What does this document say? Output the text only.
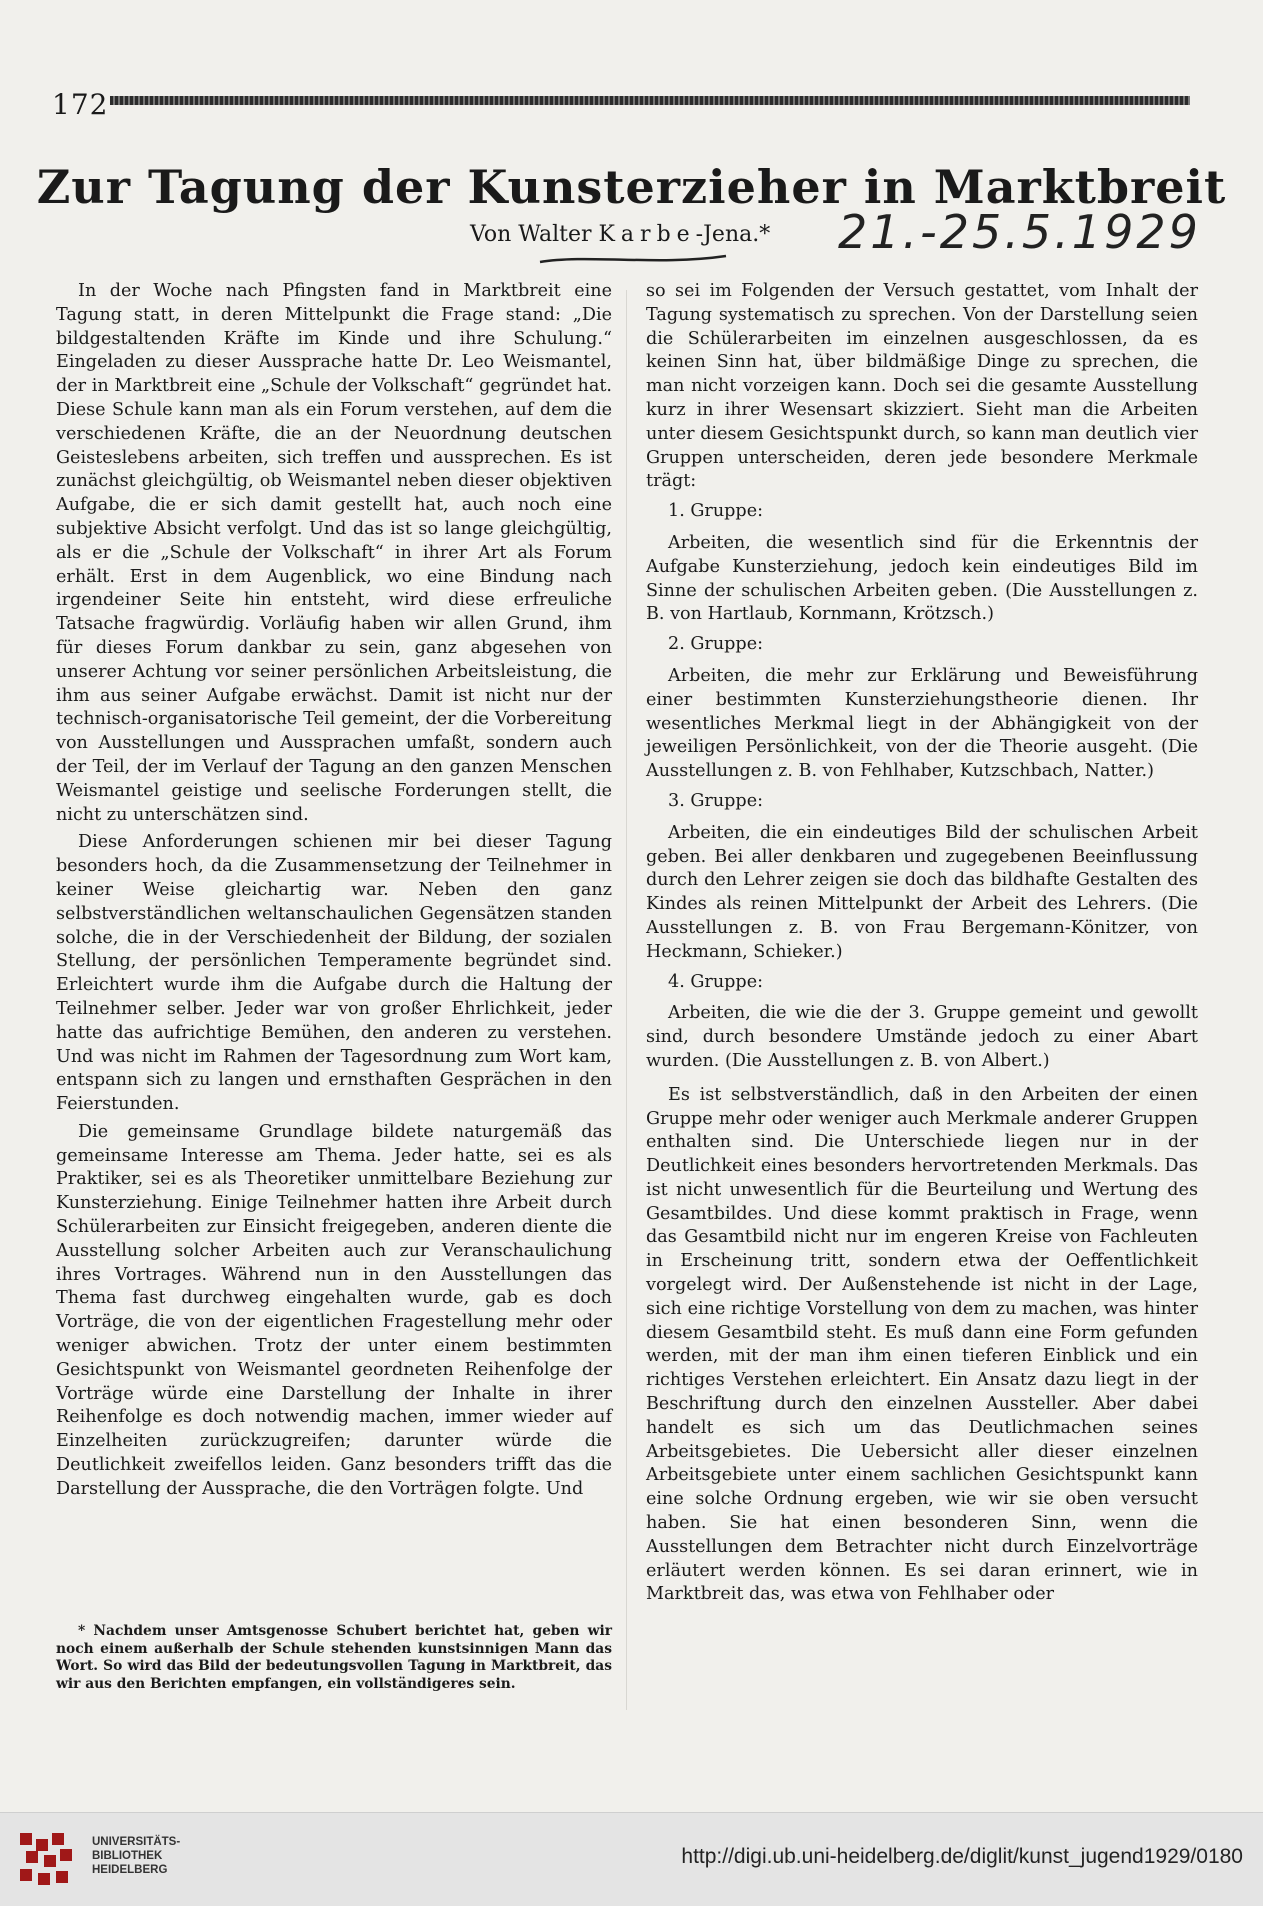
172
Zur Tagung der Kunsterzieher in Marktbreit
Von Walter Karbe-Jena.* 21.-25.5.1929

In der Woche nach Pfingsten fand in Marktbreit eine Tagung statt, in deren Mittelpunkt die Frage stand: „Die bildgestaltenden Kräfte im Kinde und ihre Schulung.“ Eingeladen zu dieser Aussprache hatte Dr. Leo Weismantel, der in Marktbreit eine „Schule der Volkschaft“ gegründet hat. Diese Schule kann man als ein Forum verstehen, auf dem die verschiedenen Kräfte, die an der Neuordnung deutschen Geisteslebens arbeiten, sich treffen und aussprechen. Es ist zunächst gleichgültig, ob Weismantel neben dieser objektiven Aufgabe, die er sich damit gestellt hat, auch noch eine subjektive Absicht verfolgt. Und das ist so lange gleichgültig, als er die „Schule der Volkschaft“ in ihrer Art als Forum erhält. Erst in dem Augenblick, wo eine Bindung nach irgendeiner Seite hin entsteht, wird diese erfreuliche Tatsache fragwürdig. Vorläufig haben wir allen Grund, ihm für dieses Forum dankbar zu sein, ganz abgesehen von unserer Achtung vor seiner persönlichen Arbeitsleistung, die ihm aus seiner Aufgabe erwächst. Damit ist nicht nur der technisch-organisatorische Teil gemeint, der die Vorbereitung von Ausstellungen und Aussprachen umfaßt, sondern auch der Teil, der im Verlauf der Tagung an den ganzen Menschen Weismantel geistige und seelische Forderungen stellt, die nicht zu unterschätzen sind.

Diese Anforderungen schienen mir bei dieser Tagung besonders hoch, da die Zusammensetzung der Teilnehmer in keiner Weise gleichartig war. Neben den ganz selbstverständlichen weltanschaulichen Gegensätzen standen solche, die in der Verschiedenheit der Bildung, der sozialen Stellung, der persönlichen Temperamente begründet sind. Erleichtert wurde ihm die Aufgabe durch die Haltung der Teilnehmer selber. Jeder war von großer Ehrlichkeit, jeder hatte das aufrichtige Bemühen, den anderen zu verstehen. Und was nicht im Rahmen der Tagesordnung zum Wort kam, entspann sich zu langen und ernsthaften Gesprächen in den Feierstunden.

Die gemeinsame Grundlage bildete naturgemäß das gemeinsame Interesse am Thema. Jeder hatte, sei es als Praktiker, sei es als Theoretiker unmittelbare Beziehung zur Kunsterziehung. Einige Teilnehmer hatten ihre Arbeit durch Schülerarbeiten zur Einsicht freigegeben, anderen diente die Ausstellung solcher Arbeiten auch zur Veranschaulichung ihres Vortrages. Während nun in den Ausstellungen das Thema fast durchweg eingehalten wurde, gab es doch Vorträge, die von der eigentlichen Fragestellung mehr oder weniger abwichen. Trotz der unter einem bestimmten Gesichtspunkt von Weismantel geordneten Reihenfolge der Vorträge würde eine Darstellung der Inhalte in ihrer Reihenfolge es doch notwendig machen, immer wieder auf Einzelheiten zurückzugreifen; darunter würde die Deutlichkeit zweifellos leiden. Ganz besonders trifft das die Darstellung der Aussprache, die den Vorträgen folgte. Und

* Nachdem unser Amtsgenosse Schubert berichtet hat, geben wir noch einem außerhalb der Schule stehenden kunstsinnigen Mann das Wort. So wird das Bild der bedeutungsvollen Tagung in Marktbreit, das wir aus den Berichten empfangen, ein vollständigeres sein.

so sei im Folgenden der Versuch gestattet, vom Inhalt der Tagung systematisch zu sprechen. Von der Darstellung seien die Schülerarbeiten im einzelnen ausgeschlossen, da es keinen Sinn hat, über bildmäßige Dinge zu sprechen, die man nicht vorzeigen kann. Doch sei die gesamte Ausstellung kurz in ihrer Wesensart skizziert. Sieht man die Arbeiten unter diesem Gesichtspunkt durch, so kann man deutlich vier Gruppen unterscheiden, deren jede besondere Merkmale trägt:

1. Gruppe:

Arbeiten, die wesentlich sind für die Erkenntnis der Aufgabe Kunsterziehung, jedoch kein eindeutiges Bild im Sinne der schulischen Arbeiten geben. (Die Ausstellungen z. B. von Hartlaub, Kornmann, Krötzsch.)

2. Gruppe:

Arbeiten, die mehr zur Erklärung und Beweisführung einer bestimmten Kunsterziehungstheorie dienen. Ihr wesentliches Merkmal liegt in der Abhängigkeit von der jeweiligen Persönlichkeit, von der die Theorie ausgeht. (Die Ausstellungen z. B. von Fehlhaber, Kutzschbach, Natter.)

3. Gruppe:

Arbeiten, die ein eindeutiges Bild der schulischen Arbeit geben. Bei aller denkbaren und zugegebenen Beeinflussung durch den Lehrer zeigen sie doch das bildhafte Gestalten des Kindes als reinen Mittelpunkt der Arbeit des Lehrers. (Die Ausstellungen z. B. von Frau Bergemann-Könitzer, von Heckmann, Schieker.)

4. Gruppe:

Arbeiten, die wie die der 3. Gruppe gemeint und gewollt sind, durch besondere Umstände jedoch zu einer Abart wurden. (Die Ausstellungen z. B. von Albert.)

Es ist selbstverständlich, daß in den Arbeiten der einen Gruppe mehr oder weniger auch Merkmale anderer Gruppen enthalten sind. Die Unterschiede liegen nur in der Deutlichkeit eines besonders hervortretenden Merkmals. Das ist nicht unwesentlich für die Beurteilung und Wertung des Gesamtbildes. Und diese kommt praktisch in Frage, wenn das Gesamtbild nicht nur im engeren Kreise von Fachleuten in Erscheinung tritt, sondern etwa der Oeffentlichkeit vorgelegt wird. Der Außenstehende ist nicht in der Lage, sich eine richtige Vorstellung von dem zu machen, was hinter diesem Gesamtbild steht. Es muß dann eine Form gefunden werden, mit der man ihm einen tieferen Einblick und ein richtiges Verstehen erleichtert. Ein Ansatz dazu liegt in der Beschriftung durch den einzelnen Aussteller. Aber dabei handelt es sich um das Deutlichmachen seines Arbeitsgebietes. Die Uebersicht aller dieser einzelnen Arbeitsgebiete unter einem sachlichen Gesichtspunkt kann eine solche Ordnung ergeben, wie wir sie oben versucht haben. Sie hat einen besonderen Sinn, wenn die Ausstellungen dem Betrachter nicht durch Einzelvorträge erläutert werden können. Es sei daran erinnert, wie in Marktbreit das, was etwa von Fehlhaber oder

UNIVERSITÄTS-
BIBLIOTHEK
HEIDELBERG
http://digi.ub.uni-heidelberg.de/diglit/kunst_jugend1929/0180
